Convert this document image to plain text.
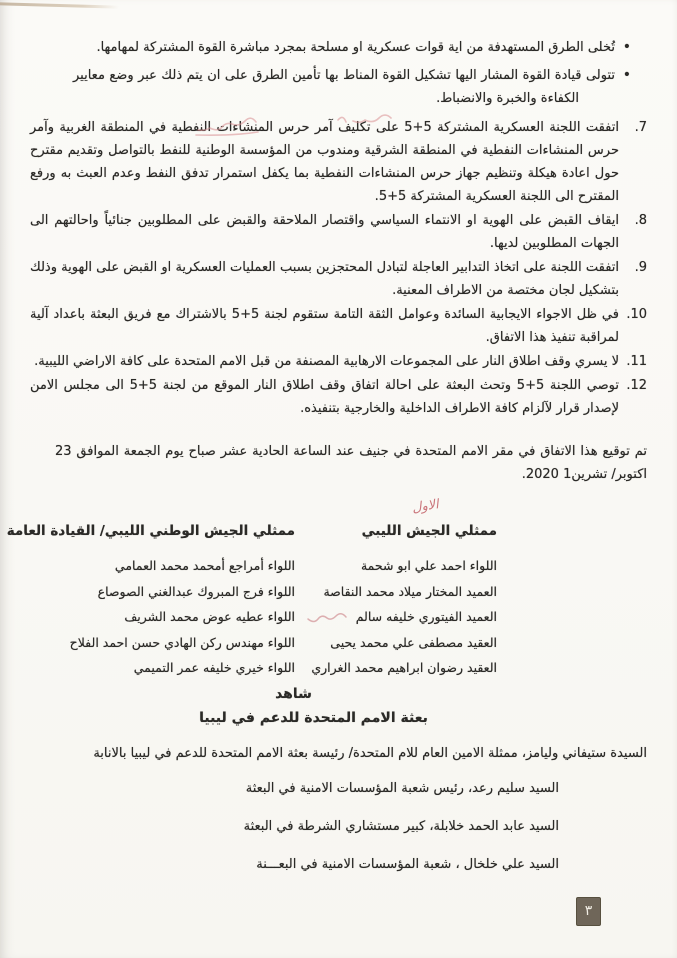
•
تُخلى الطرق المستهدفة من اية قوات عسكرية او مسلحة بمجرد مباشرة القوة المشتركة لمهامها.
•
تتولى قيادة القوة المشار اليها تشكيل القوة المناط بها تأمين الطرق على ان يتم ذلك عبر وضع معايير الكفاءة والخبرة والانضباط.
7.
اتفقت اللجنة العسكرية المشتركة 5+5 على تكليف آمر حرس المنشاءات النفطية في المنطقة الغربية وآمر حرس المنشاءات النفطية في المنطقة الشرقية ومندوب من المؤسسة الوطنية للنفط بالتواصل وتقديم مقترح حول اعادة هيكلة وتنظيم جهاز حرس المنشاءات النفطية بما يكفل استمرار تدفق النفط وعدم العبث به ورفع المقترح الى اللجنة العسكرية المشتركة 5+5.
8.
ايقاف القبض على الهوية او الانتماء السياسي واقتصار الملاحقة والقبض على المطلوبين جنائياً واحالتهم الى الجهات المطلوبين لديها.
9.
اتفقت اللجنة على اتخاذ التدابير العاجلة لتبادل المحتجزين بسبب العمليات العسكرية او القبض على الهوية وذلك بتشكيل لجان مختصة من الاطراف المعنية.
10.
في ظل الاجواء الايجابية السائدة وعوامل الثقة التامة ستقوم لجنة 5+5 بالاشتراك مع فريق البعثة باعداد آلية لمراقبة تنفيذ هذا الاتفاق.
11.
لا يسري وقف اطلاق النار على المجموعات الارهابية المصنفة من قبل الامم المتحدة على كافة الاراضي الليبية.
12.
توصي اللجنة 5+5 وتحث البعثة على احالة اتفاق وقف اطلاق النار الموقع من لجنة 5+5 الى مجلس الامن لإصدار قرار لآلزام كافة الاطراف الداخلية والخارجية بتنفيذه.

تم توقيع هذا الاتفاق في مقر الامم المتحدة في جنيف عند الساعة الحادية عشر صباح يوم الجمعة الموافق 23 اكتوبر/ تشرين1‏ 2020.

الاول
ممثلي الجيش الليبي
اللواء احمد علي ابو شحمة
العميد المختار ميلاد محمد النقاصة
العميد الفيتوري خليفه سالم
العقيد مصطفى علي محمد يحيى
العقيد رضوان ابراهيم محمد الغراري
ممثلي الجيش الوطني الليبي/ القيادة العامة
اللواء أمراجع أمحمد محمد العمامي
اللواء فرج المبروك عبدالغني الصوصاع
اللواء عطيه عوض محمد الشريف
اللواء مهندس ركن الهادي حسن احمد الفلاح
اللواء خيري خليفه عمر التميمي
شاهد
بعثة الامم المتحدة للدعم في ليبيا

السيدة ستيفاني وليامز، ممثلة الامين العام للام المتحدة/ رئيسة بعثة الامم المتحدة للدعم في ليبيا بالانابة

السيد سليم رعد، رئيس شعبة المؤسسات الامنية في البعثة

السيد عابد الحمد خلابلة، كبير مستشاري الشرطة في البعثة

السيد علي خلخال ، شعبة المؤسسات الامنية في البعـــنة

٣
